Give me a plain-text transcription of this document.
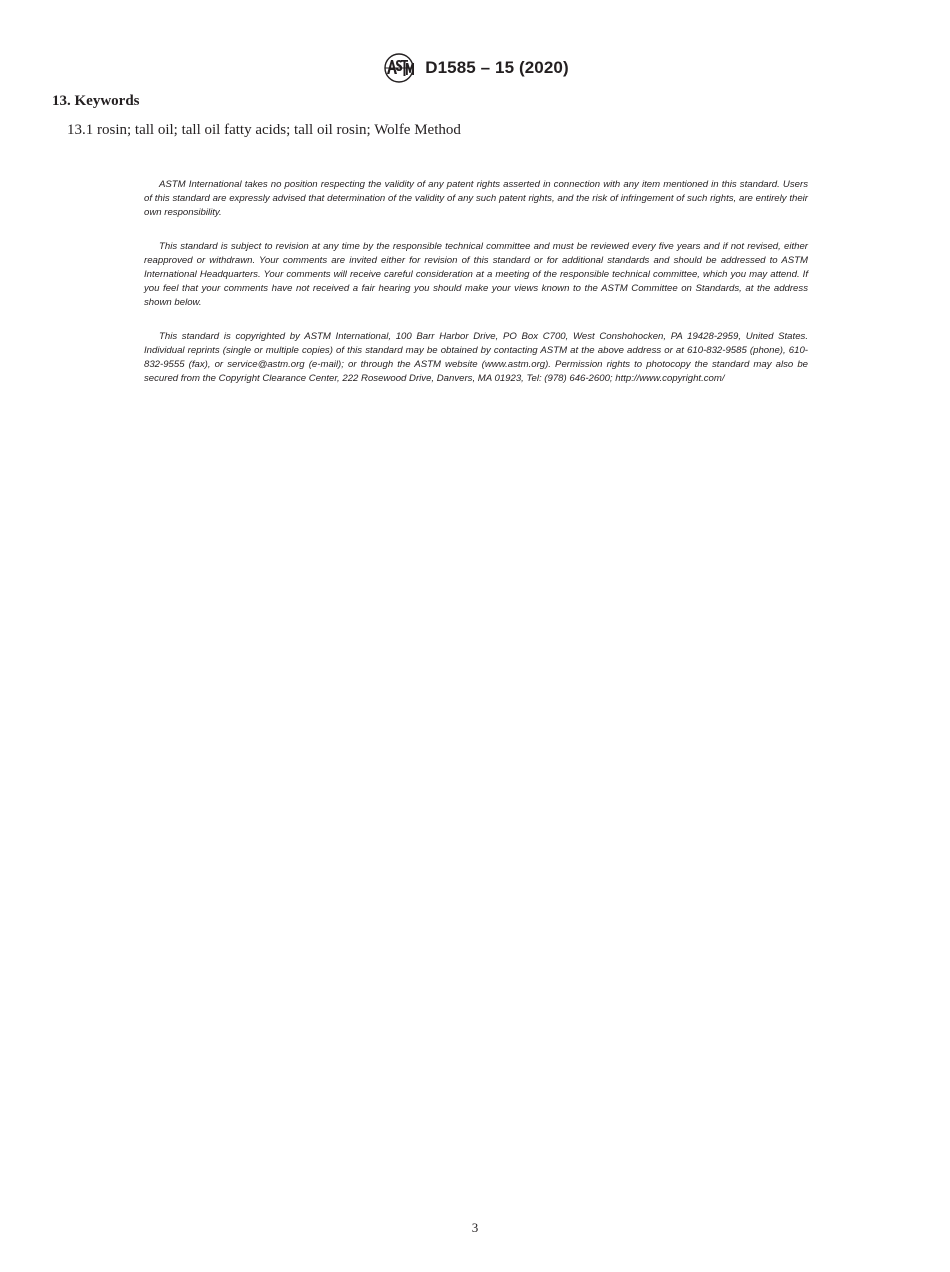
D1585 – 15 (2020)
13. Keywords

13.1 rosin; tall oil; tall oil fatty acids; tall oil rosin; Wolfe Method

ASTM International takes no position respecting the validity of any patent rights asserted in connection with any item mentioned in this standard. Users of this standard are expressly advised that determination of the validity of any such patent rights, and the risk of infringement of such rights, are entirely their own responsibility.

This standard is subject to revision at any time by the responsible technical committee and must be reviewed every five years and if not revised, either reapproved or withdrawn. Your comments are invited either for revision of this standard or for additional standards and should be addressed to ASTM International Headquarters. Your comments will receive careful consideration at a meeting of the responsible technical committee, which you may attend. If you feel that your comments have not received a fair hearing you should make your views known to the ASTM Committee on Standards, at the address shown below.

This standard is copyrighted by ASTM International, 100 Barr Harbor Drive, PO Box C700, West Conshohocken, PA 19428-2959, United States. Individual reprints (single or multiple copies) of this standard may be obtained by contacting ASTM at the above address or at 610-832-9585 (phone), 610-832-9555 (fax), or service@astm.org (e-mail); or through the ASTM website (www.astm.org). Permission rights to photocopy the standard may also be secured from the Copyright Clearance Center, 222 Rosewood Drive, Danvers, MA 01923, Tel: (978) 646-2600; http://www.copyright.com/

3
